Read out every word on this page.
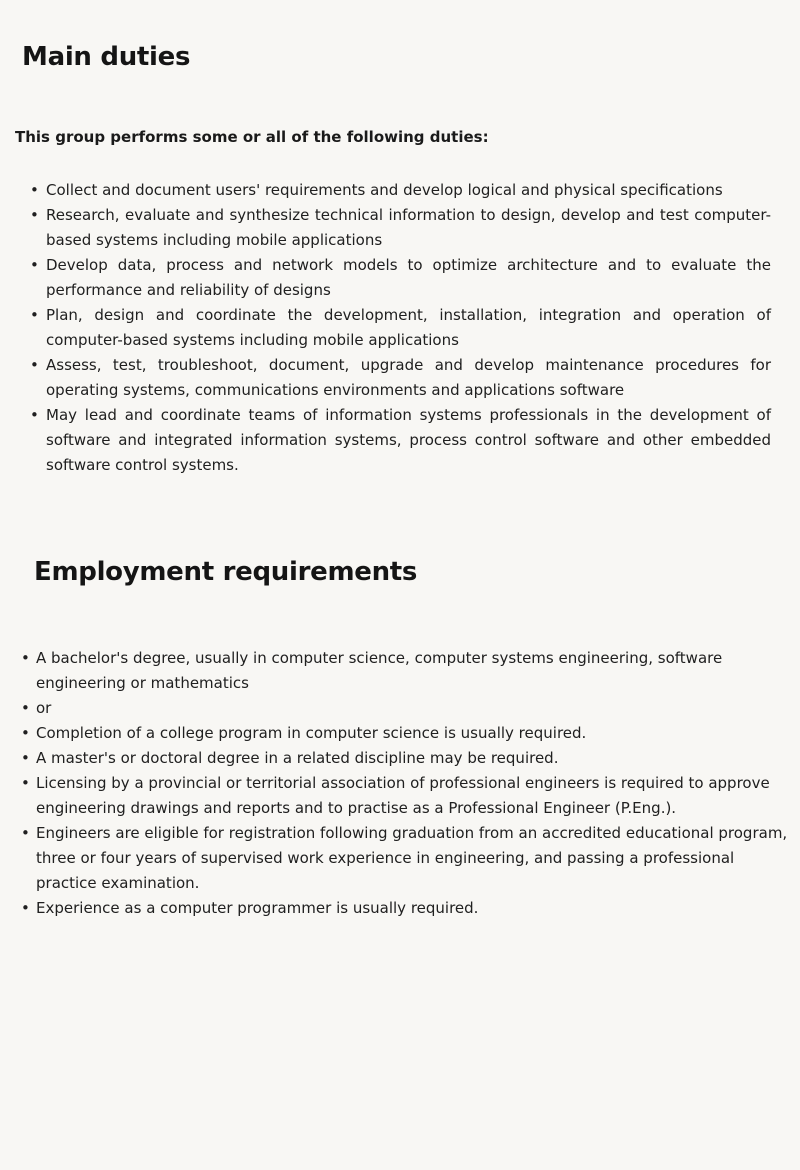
Main duties

This group performs some or all of the following duties:

• Collect and document users' requirements and develop logical and physical specifications
• Research, evaluate and synthesize technical information to design, develop and test computer-based systems including mobile applications
• Develop data, process and network models to optimize architecture and to evaluate the performance and reliability of designs
• Plan, design and coordinate the development, installation, integration and operation of computer-based systems including mobile applications
• Assess, test, troubleshoot, document, upgrade and develop maintenance procedures for operating systems, communications environments and applications software
• May lead and coordinate teams of information systems professionals in the development of software and integrated information systems, process control software and other embedded software control systems.
Employment requirements
• A bachelor's degree, usually in computer science, computer systems engineering, software engineering or mathematics
• or
• Completion of a college program in computer science is usually required.
• A master's or doctoral degree in a related discipline may be required.
• Licensing by a provincial or territorial association of professional engineers is required to approve engineering drawings and reports and to practise as a Professional Engineer (P.Eng.).
• Engineers are eligible for registration following graduation from an accredited educational program, three or four years of supervised work experience in engineering, and passing a professional practice examination.
• Experience as a computer programmer is usually required.
